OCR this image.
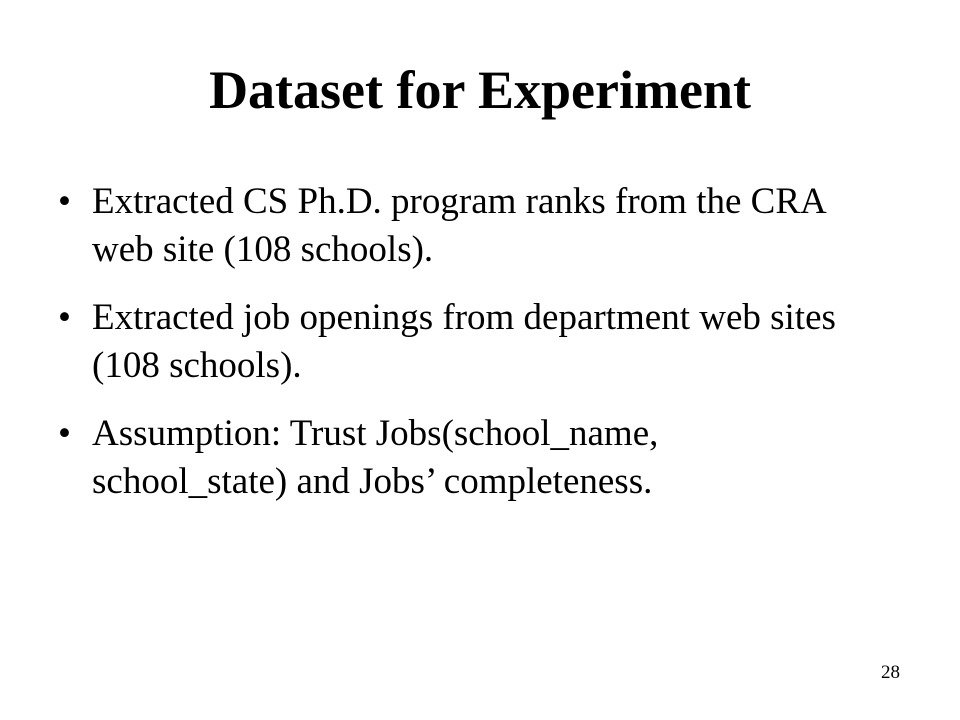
Dataset for Experiment
• Extracted CS Ph.D. program ranks from the CRA web site (108 schools).
• Extracted job openings from department web sites (108 schools).
• Assumption: Trust Jobs(school_name, school_state) and Jobs’ completeness.
28
